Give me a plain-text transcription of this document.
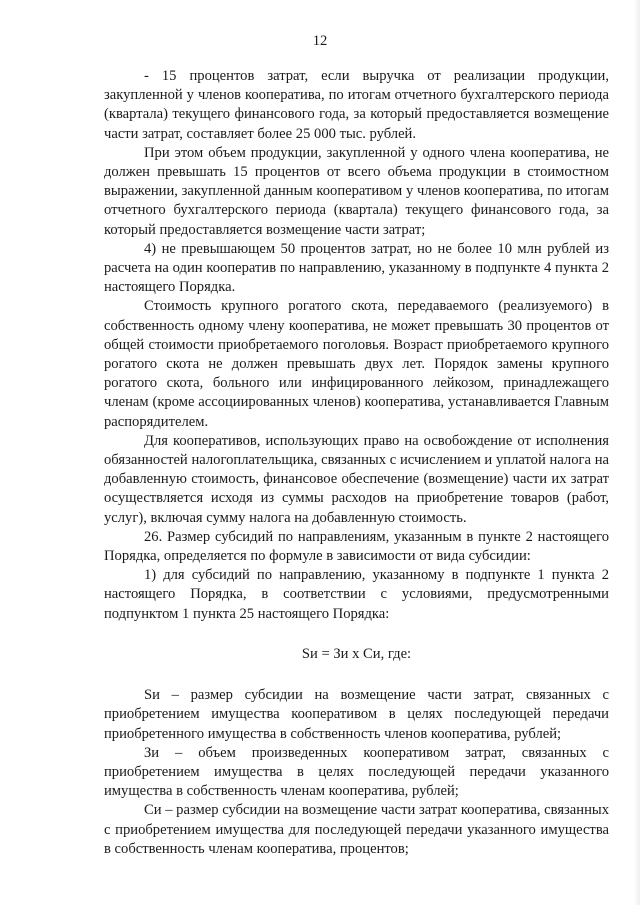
12

- 15 процентов затрат, если выручка от реализации продукции, закупленной у членов кооператива, по итогам отчетного бухгалтерского периода (квартала) текущего финансового года, за который предоставляется возмещение части затрат, составляет более 25 000 тыс. рублей.

При этом объем продукции, закупленной у одного члена кооператива, не должен превышать 15 процентов от всего объема продукции в стоимостном выражении, закупленной данным кооперативом у членов кооператива, по итогам отчетного бухгалтерского периода (квартала) текущего финансового года, за который предоставляется возмещение части затрат;

4) не превышающем 50 процентов затрат, но не более 10 млн рублей из расчета на один кооператив по направлению, указанному в подпункте 4 пункта 2 настоящего Порядка.

Стоимость крупного рогатого скота, передаваемого (реализуемого) в собственность одному члену кооператива, не может превышать 30 процентов от общей стоимости приобретаемого поголовья. Возраст приобретаемого крупного рогатого скота не должен превышать двух лет. Порядок замены крупного рогатого скота, больного или инфицированного лейкозом, принадлежащего членам (кроме ассоциированных членов) кооператива, устанавливается Главным распорядителем.

Для кооперативов, использующих право на освобождение от исполнения обязанностей налогоплательщика, связанных с исчислением и уплатой налога на добавленную стоимость, финансовое обеспечение (возмещение) части их затрат осуществляется исходя из суммы расходов на приобретение товаров (работ, услуг), включая сумму налога на добавленную стоимость.

26. Размер субсидий по направлениям, указанным в пункте 2 настоящего Порядка, определяется по формуле в зависимости от вида субсидии:

1) для субсидий по направлению, указанному в подпункте 1 пункта 2 настоящего Порядка, в соответствии с условиями, предусмотренными подпунктом 1 пункта 25 настоящего Порядка:

Sи = Зи х Си, где:

Sи – размер субсидии на возмещение части затрат, связанных с приобретением имущества кооперативом в целях последующей передачи приобретенного имущества в собственность членов кооператива, рублей;

Зи – объем произведенных кооперативом затрат, связанных с приобретением имущества в целях последующей передачи указанного имущества в собственность членам кооператива, рублей;

Си – размер субсидии на возмещение части затрат кооператива, связанных с приобретением имущества для последующей передачи указанного имущества в собственность членам кооператива, процентов;
